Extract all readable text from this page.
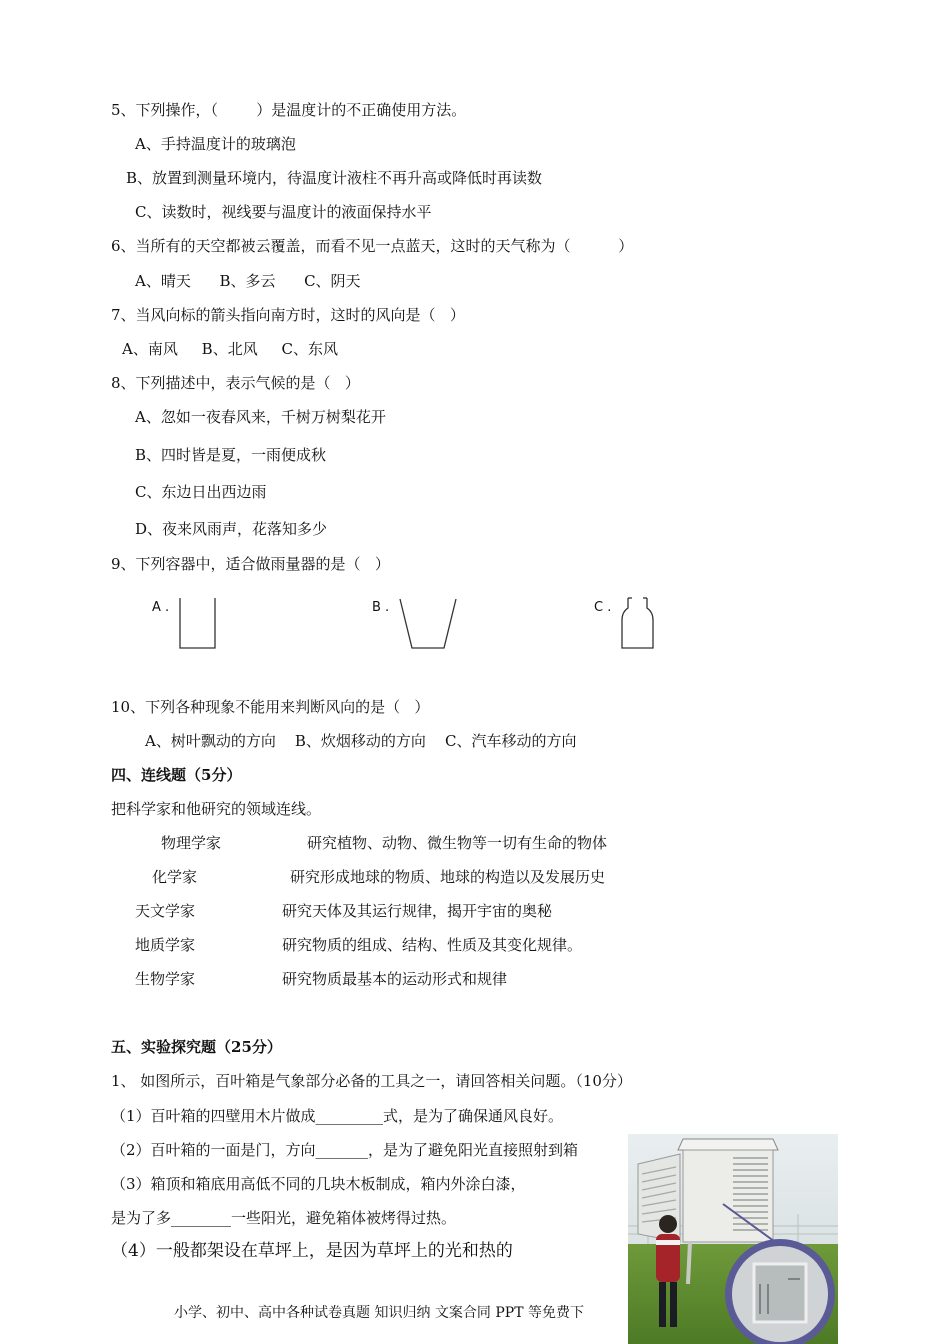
5、下列操作，（        ）是温度计的不正确使用方法。
A、手持温度计的玻璃泡
B、放置到测量环境内，待温度计液柱不再升高或降低时再读数
C、读数时，视线要与温度计的液面保持水平
6、当所有的天空都被云覆盖，而看不见一点蓝天，这时的天气称为（          ）
A、晴天      B、多云      C、阴天
7、当风向标的箭头指向南方时，这时的风向是（   ）
A、南风     B、北风     C、东风
8、下列描述中，表示气候的是（   ）
A、忽如一夜春风来，千树万树梨花开
B、四时皆是夏，一雨便成秋
C、东边日出西边雨
D、夜来风雨声，花落知多少
9、下列容器中，适合做雨量器的是（   ）
A .	B .	C .
10、下列各种现象不能用来判断风向的是（   ）
A、树叶飘动的方向    B、炊烟移动的方向    C、汽车移动的方向
四、连线题（5分）
把科学家和他研究的领域连线。
物理学家
化学家
天文学家
地质学家
生物学家
研究植物、动物、微生物等一切有生命的物体
研究形成地球的物质、地球的构造以及发展历史
研究天体及其运行规律，揭开宇宙的奥秘
研究物质的组成、结构、性质及其变化规律。
研究物质最基本的运动形式和规律
五、实验探究题（25分）
1、 如图所示，百叶箱是气象部分必备的工具之一，请回答相关问题。（10分）
（1）百叶箱的四壁用木片做成_________式，是为了确保通风良好。
（2）百叶箱的一面是门，方向_______，是为了避免阳光直接照射到箱
（3）箱顶和箱底用高低不同的几块木板制成，箱内外涂白漆，
是为了多________一些阳光，避免箱体被烤得过热。
（4）一般都架设在草坪上，是因为草坪上的光和热的
小学、初中、高中各种试卷真题 知识归纳 文案合同 PPT 等免费下
